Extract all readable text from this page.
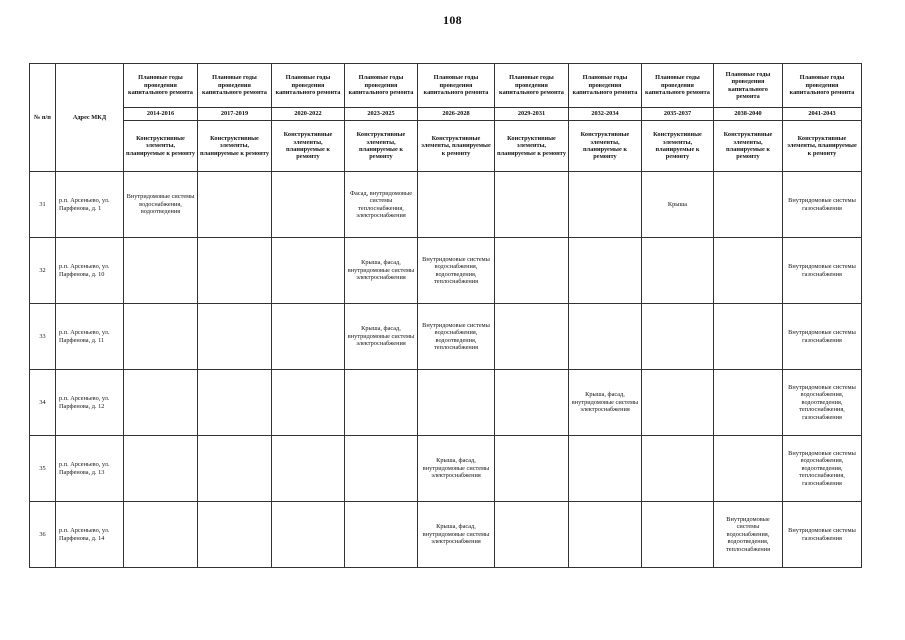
108
№ п/п	Адрес МКД	Плановые годы проведения капитального ремонта	Плановые годы проведения капитального ремонта	Плановые годы проведения капитального ремонта	Плановые годы проведения капитального ремонта	Плановые годы проведения капитального ремонта	Плановые годы проведения капитального ремонта	Плановые годы проведения капитального ремонта	Плановые годы проведения капитального ремонта	Плановые годы проведения капитального ремонта	Плановые годы проведения капитального ремонта
		2014-2016	2017-2019	2020-2022	2023-2025	2026-2028	2029-2031	2032-2034	2035-2037	2038-2040	2041-2043
		Конструктивные элементы, планируемые к ремонту	Конструктивные элементы, планируемые к ремонту	Конструктивные элементы, планируемые к ремонту	Конструктивные элементы, планируемые к ремонту	Конструктивные элементы, планируемые к ремонту	Конструктивные элементы, планируемые к ремонту	Конструктивные элементы, планируемые к ремонту	Конструктивные элементы, планируемые к ремонту	Конструктивные элементы, планируемые к ремонту	Конструктивные элементы, планируемые к ремонту
31	р.п. Арсеньево, ул. Парфенова, д. 1	Внутридомовые системы водоснабжения, водоотведения			Фасад, внутридомовые системы теплоснабжения, электроснабжения				Крыша		Внутридомовые системы газоснабжения
32	р.п. Арсеньево, ул. Парфенова, д. 10				Крыша, фасад, внутридомовые системы электроснабжения	Внутридомовые системы водоснабжения, водоотведения, теплоснабжения					Внутридомовые системы газоснабжения
33	р.п. Арсеньево, ул. Парфенова, д. 11				Крыша, фасад, внутридомовые системы электроснабжения	Внутридомовые системы водоснабжения, водоотведения, теплоснабжения					Внутридомовые системы газоснабжения
34	р.п. Арсеньево, ул. Парфенова, д. 12							Крыша, фасад, внутридомовые системы электроснабжения			Внутридомовые системы водоснабжения, водоотведения, теплоснабжения, газоснабжения
35	р.п. Арсеньево, ул. Парфенова, д. 13					Крыша, фасад, внутридомовые системы электроснабжения					Внутридомовые системы водоснабжения, водоотведения, теплоснабжения, газоснабжения
36	р.п. Арсеньево, ул. Парфенова, д. 14					Крыша, фасад, внутридомовые системы электроснабжения				Внутридомовые системы водоснабжения, водоотведения, теплоснабжения	Внутридомовые системы газоснабжения
